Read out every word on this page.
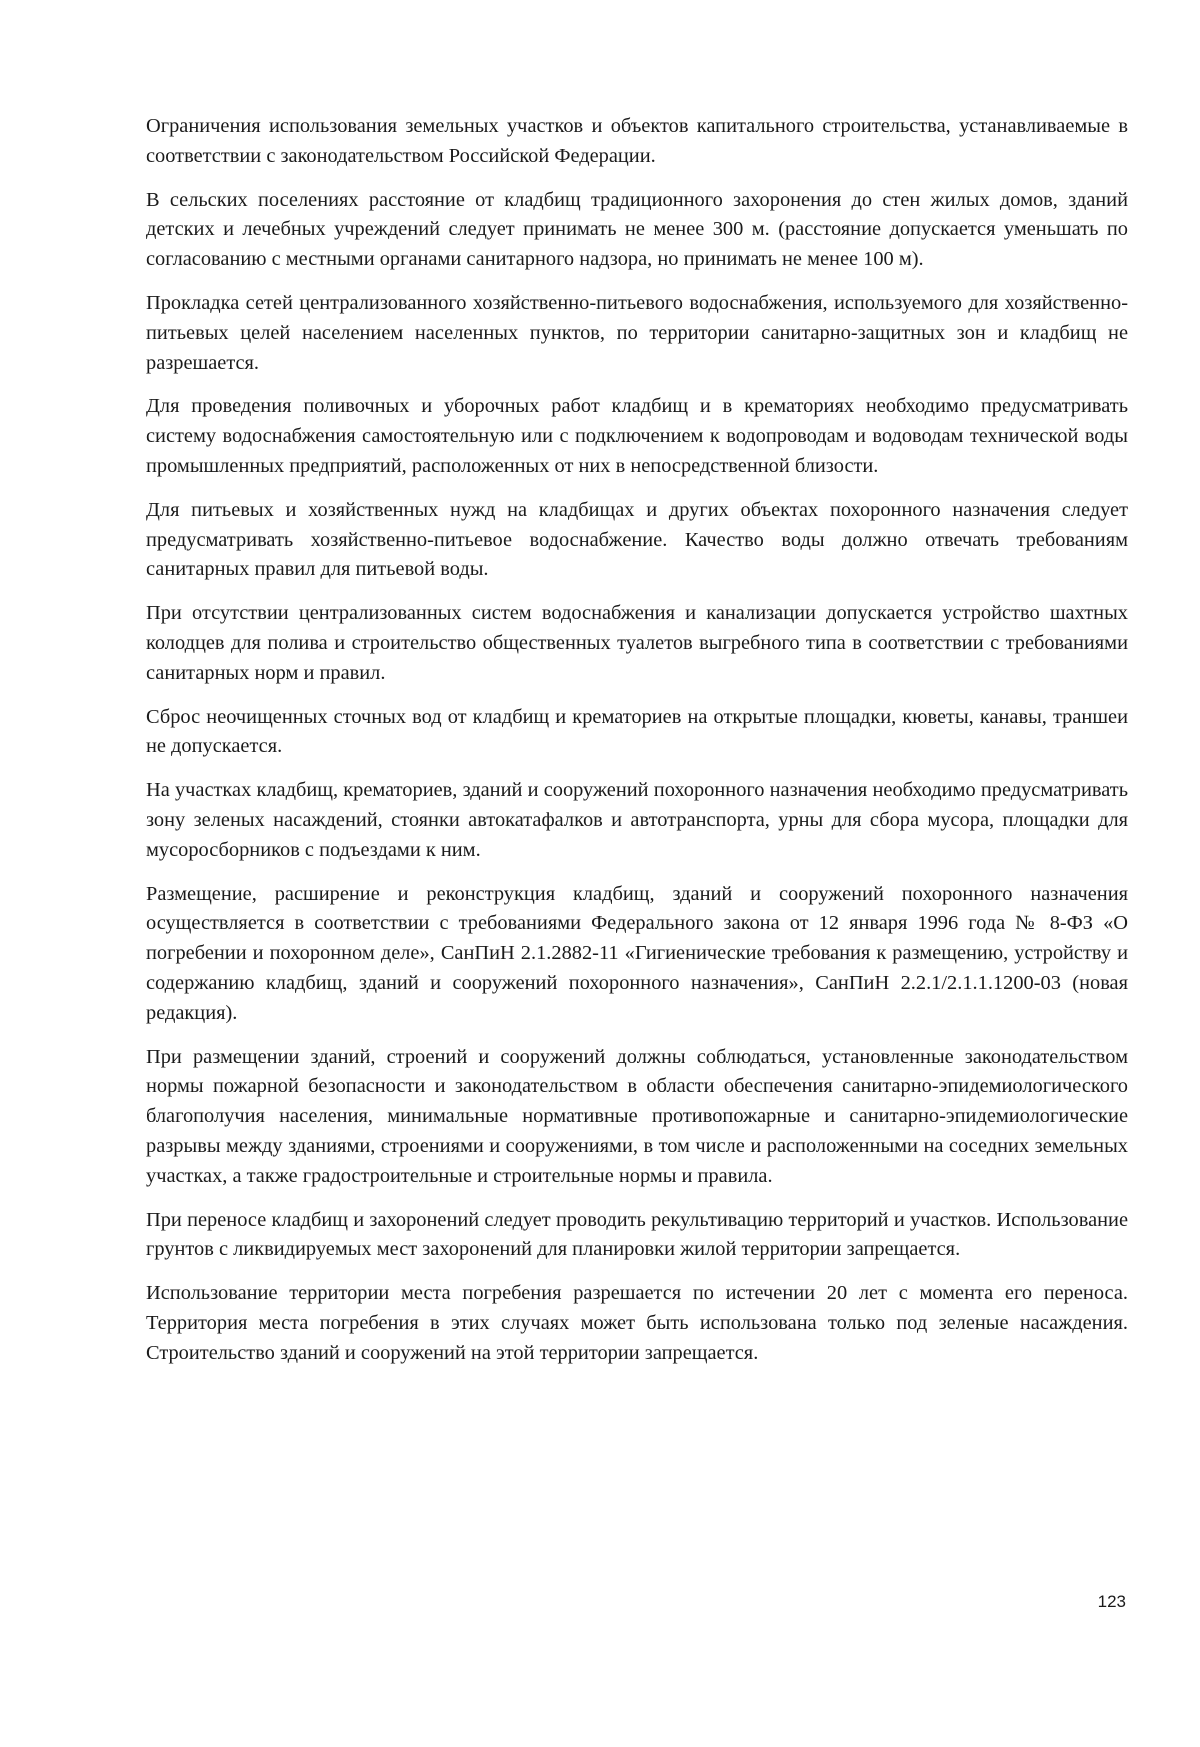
Ограничения использования земельных участков и объектов капитального строительства, устанавливаемые в соответствии с законодательством Российской Федерации.

В сельских поселениях расстояние от кладбищ традиционного захоронения до стен жилых домов, зданий детских и лечебных учреждений следует принимать не менее 300 м. (расстояние допускается уменьшать по согласованию с местными органами санитарного надзора, но принимать не менее 100 м).

Прокладка сетей централизованного хозяйственно-питьевого водоснабжения, используемого для хозяйственно-питьевых целей населением населенных пунктов, по территории санитарно-защитных зон и кладбищ не разрешается.

Для проведения поливочных и уборочных работ кладбищ и в крематориях необходимо предусматривать систему водоснабжения самостоятельную или с подключением к водопроводам и водоводам технической воды промышленных предприятий, расположенных от них в непосредственной близости.

Для питьевых и хозяйственных нужд на кладбищах и других объектах похоронного назначения следует предусматривать хозяйственно-питьевое водоснабжение. Качество воды должно отвечать требованиям санитарных правил для питьевой воды.

При отсутствии централизованных систем водоснабжения и канализации допускается устройство шахтных колодцев для полива и строительство общественных туалетов выгребного типа в соответствии с требованиями санитарных норм и правил.

Сброс неочищенных сточных вод от кладбищ и крематориев на открытые площадки, кюветы, канавы, траншеи не допускается.

На участках кладбищ, крематориев, зданий и сооружений похоронного назначения необходимо предусматривать зону зеленых насаждений, стоянки автокатафалков и автотранспорта, урны для сбора мусора, площадки для мусоросборников с подъездами к ним.

Размещение, расширение и реконструкция кладбищ, зданий и сооружений похоронного назначения осуществляется в соответствии с требованиями Федерального закона от 12 января 1996 года № 8-ФЗ «О погребении и похоронном деле», СанПиН 2.1.2882-11 «Гигиенические требования к размещению, устройству и содержанию кладбищ, зданий и сооружений похоронного назначения», СанПиН 2.2.1/2.1.1.1200-03 (новая редакция).

При размещении зданий, строений и сооружений должны соблюдаться, установленные законодательством нормы пожарной безопасности и законодательством в области обеспечения санитарно-эпидемиологического благополучия населения, минимальные нормативные противопожарные и санитарно-эпидемиологические разрывы между зданиями, строениями и сооружениями, в том числе и расположенными на соседних земельных участках, а также градостроительные и строительные нормы и правила.

При переносе кладбищ и захоронений следует проводить рекультивацию территорий и участков. Использование грунтов с ликвидируемых мест захоронений для планировки жилой территории запрещается.

Использование территории места погребения разрешается по истечении 20 лет с момента его переноса. Территория места погребения в этих случаях может быть использована только под зеленые насаждения. Строительство зданий и сооружений на этой территории запрещается.

123
